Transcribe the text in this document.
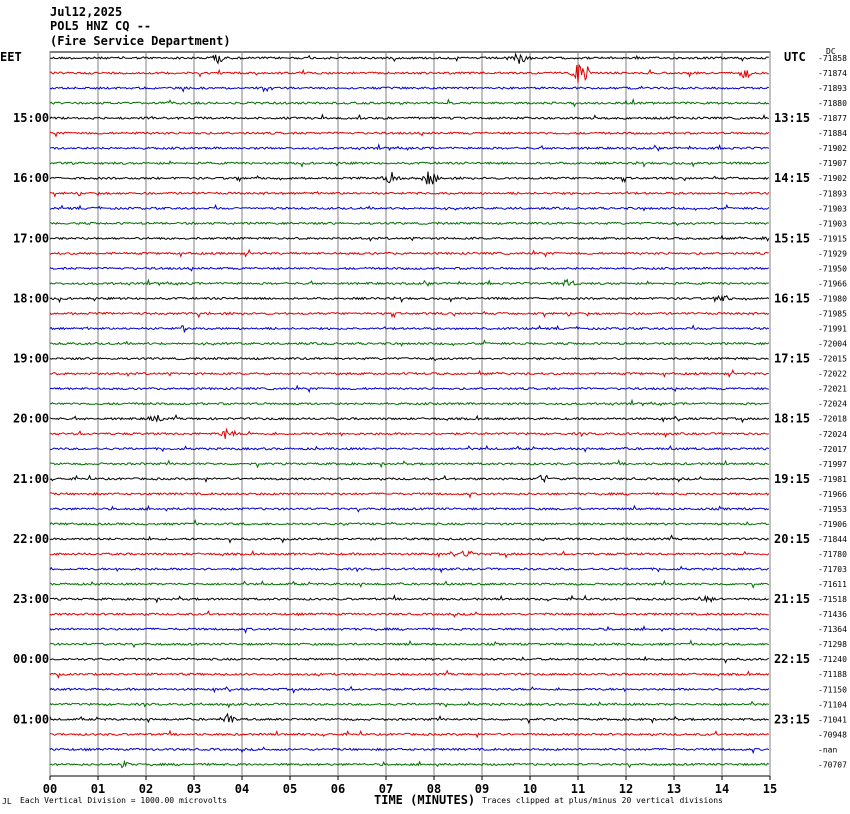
Jul12,2025
POL5 HNZ CQ --
(Fire Service Department)
EET	UTC	DC
-71858
-71874
-71893
-71880
-71877
-71884
-71902
-71907
-71902
-71893
-71903
-71903
-71915
-71929
-71950
-71966
-71980
-71985
-71991
-72004
-72015
-72022
-72021
-72024
-72018
-72024
-72017
-71997
-71981
-71966
-71953
-71906
-71844
-71780
-71703
-71611
-71518
-71436
-71364
-71298
-71240
-71188
-71150
-71104
-71041
-70948
-nan
-70707
15:00
16:00
17:00
18:00
19:00
20:00
21:00
22:00
23:00
00:00
01:00
13:15
14:15
15:15
16:15
17:15
18:15
19:15
20:15
21:15
22:15
23:15
00	01	02	03	04	05	06	07	08	09	10	11	12	13	14	15
JL Each Vertical Division = 1000.00 microvolts	TIME (MINUTES) Traces clipped at plus/minus 20 vertical divisions
